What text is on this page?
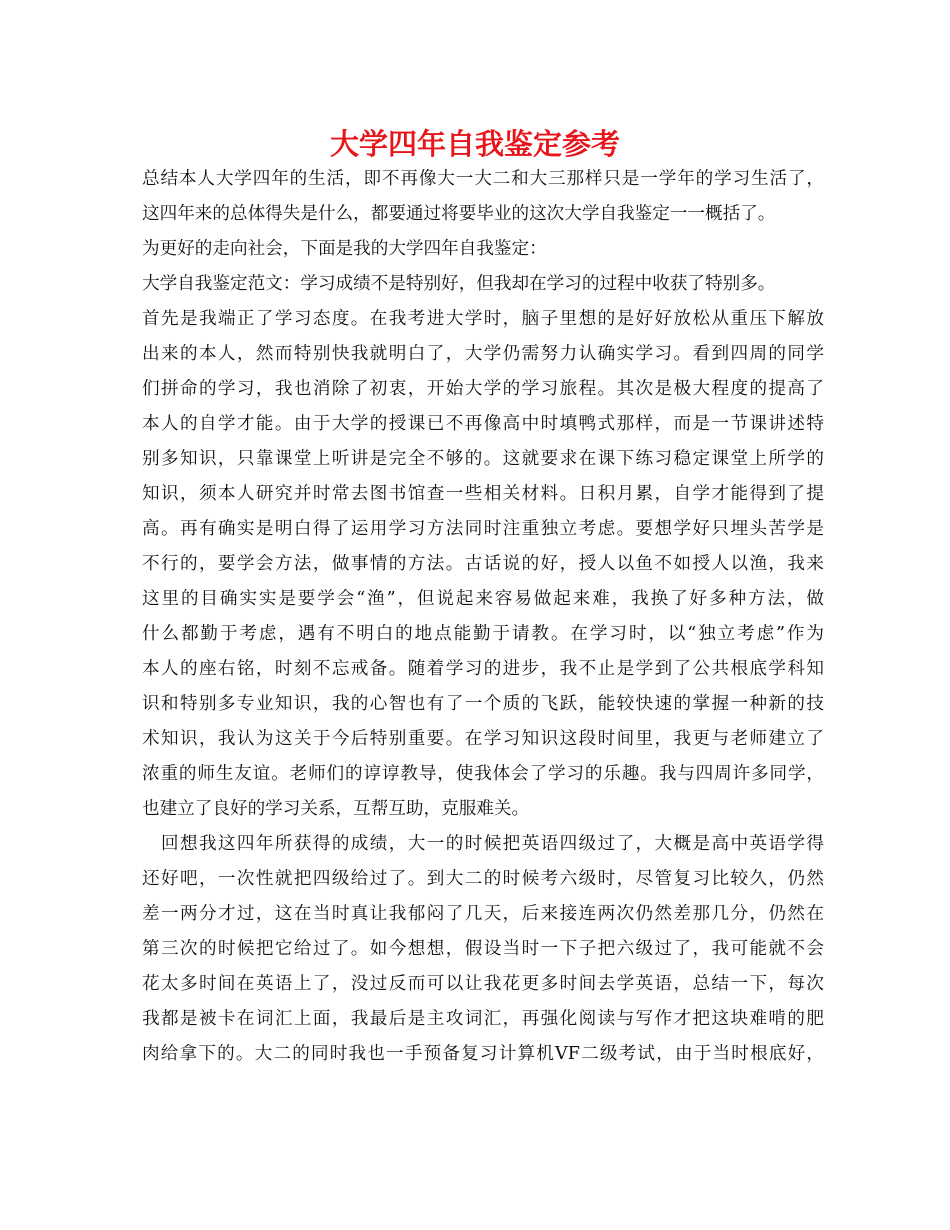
大学四年自我鉴定参考
总结本人大学四年的生活，即不再像大一大二和大三那样只是一学年的学习生活了，
这四年来的总体得失是什么，都要通过将要毕业的这次大学自我鉴定一一概括了。
为更好的走向社会，下面是我的大学四年自我鉴定：
大学自我鉴定范文：学习成绩不是特别好，但我却在学习的过程中收获了特别多。
首先是我端正了学习态度。在我考进大学时，脑子里想的是好好放松从重压下解放
出来的本人，然而特别快我就明白了，大学仍需努力认确实学习。看到四周的同学
们拼命的学习，我也消除了初衷，开始大学的学习旅程。其次是极大程度的提高了
本人的自学才能。由于大学的授课已不再像高中时填鸭式那样，而是一节课讲述特
别多知识，只靠课堂上听讲是完全不够的。这就要求在课下练习稳定课堂上所学的
知识，须本人研究并时常去图书馆查一些相关材料。日积月累，自学才能得到了提
高。再有确实是明白得了运用学习方法同时注重独立考虑。要想学好只埋头苦学是
不行的，要学会方法，做事情的方法。古话说的好，授人以鱼不如授人以渔，我来
这里的目确实实是要学会“渔”，但说起来容易做起来难，我换了好多种方法，做
什么都勤于考虑，遇有不明白的地点能勤于请教。在学习时，以“独立考虑”作为
本人的座右铭，时刻不忘戒备。随着学习的进步，我不止是学到了公共根底学科知
识和特别多专业知识，我的心智也有了一个质的飞跃，能较快速的掌握一种新的技
术知识，我认为这关于今后特别重要。在学习知识这段时间里，我更与老师建立了
浓重的师生友谊。老师们的谆谆教导，使我体会了学习的乐趣。我与四周许多同学，
也建立了良好的学习关系，互帮互助，克服难关。
　回想我这四年所获得的成绩，大一的时候把英语四级过了，大概是高中英语学得
还好吧，一次性就把四级给过了。到大二的时候考六级时，尽管复习比较久，仍然
差一两分才过，这在当时真让我郁闷了几天，后来接连两次仍然差那几分，仍然在
第三次的时候把它给过了。如今想想，假设当时一下子把六级过了，我可能就不会
花太多时间在英语上了，没过反而可以让我花更多时间去学英语，总结一下，每次
我都是被卡在词汇上面，我最后是主攻词汇，再强化阅读与写作才把这块难啃的肥
肉给拿下的。大二的同时我也一手预备复习计算机VF二级考试，由于当时根底好，
